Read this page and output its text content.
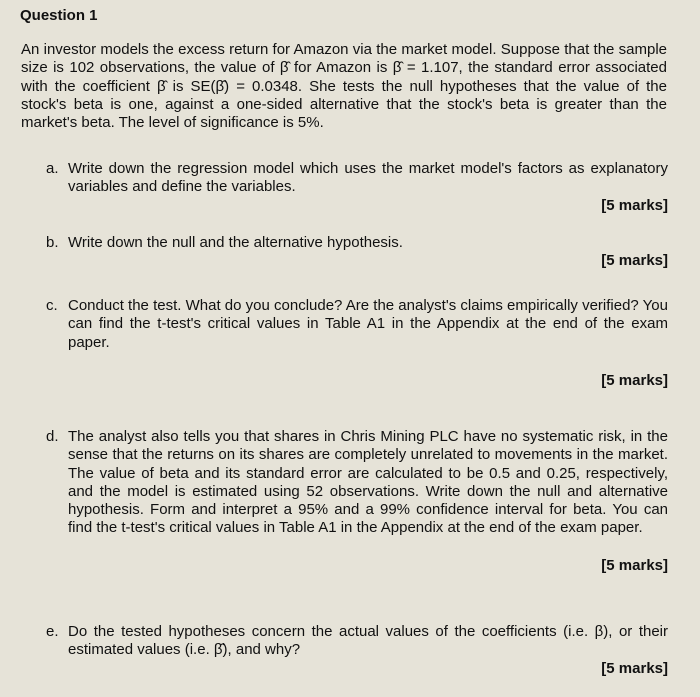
Question 1
An investor models the excess return for Amazon via the market model. Suppose that the sample size is 102 observations, the value of β̂ for Amazon is β̂ = 1.107, the standard error associated with the coefficient β̂ is SE(β̂) = 0.0348. She tests the null hypotheses that the value of the stock's beta is one, against a one-sided alternative that the stock's beta is greater than the market's beta. The level of significance is 5%.
a. Write down the regression model which uses the market model's factors as explanatory variables and define the variables.
[5 marks]
b. Write down the null and the alternative hypothesis.
[5 marks]
c. Conduct the test. What do you conclude? Are the analyst's claims empirically verified? You can find the t-test's critical values in Table A1 in the Appendix at the end of the exam paper.
[5 marks]
d. The analyst also tells you that shares in Chris Mining PLC have no systematic risk, in the sense that the returns on its shares are completely unrelated to movements in the market. The value of beta and its standard error are calculated to be 0.5 and 0.25, respectively, and the model is estimated using 52 observations. Write down the null and alternative hypothesis. Form and interpret a 95% and a 99% confidence interval for beta. You can find the t-test's critical values in Table A1 in the Appendix at the end of the exam paper.
[5 marks]
e. Do the tested hypotheses concern the actual values of the coefficients (i.e. β), or their estimated values (i.e. β̂), and why?
[5 marks]
